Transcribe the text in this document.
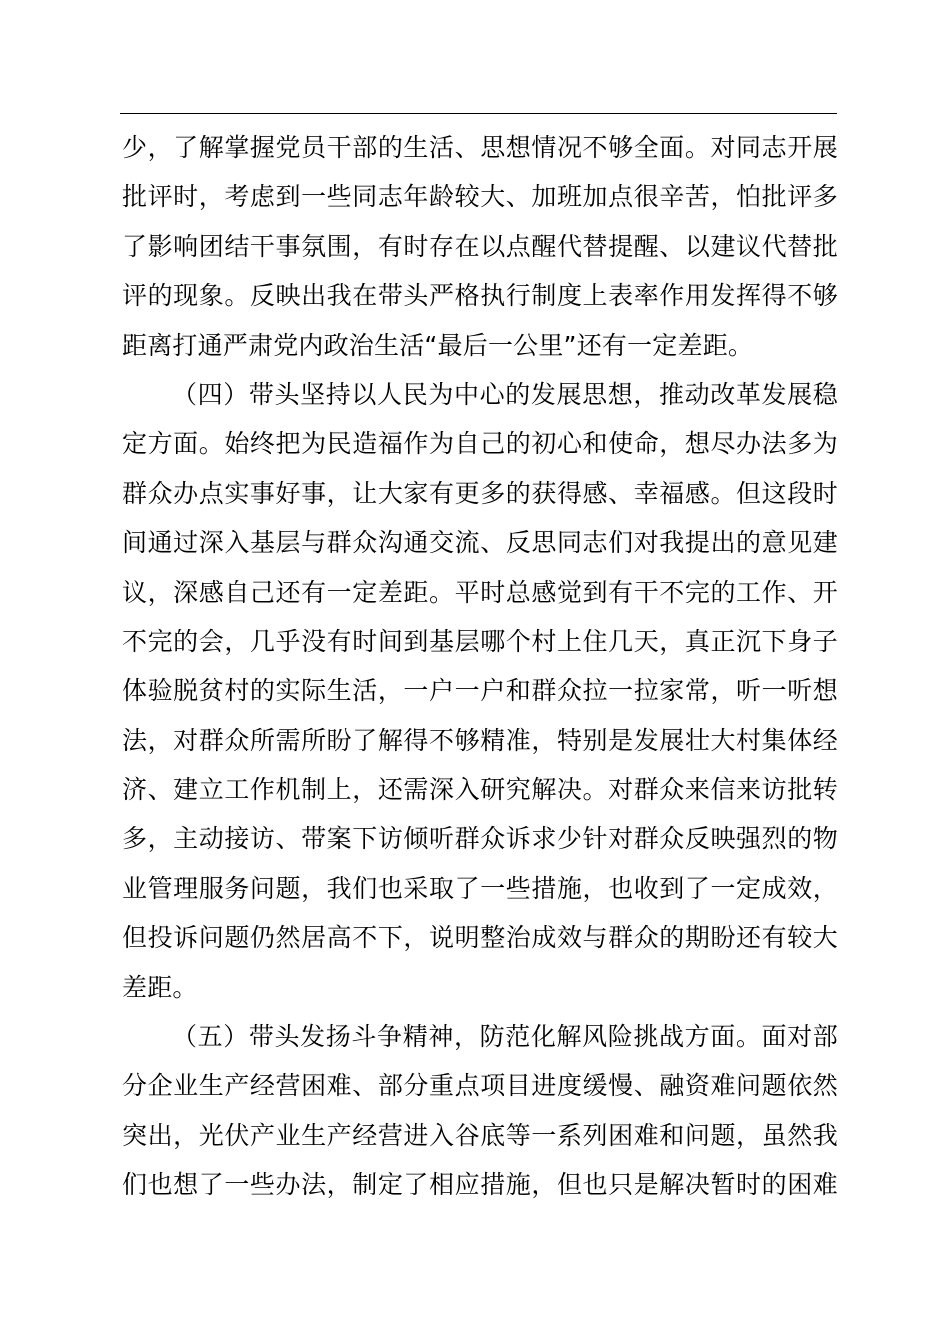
少，了解掌握党员干部的生活、思想情况不够全面。对同志开展
批评时，考虑到一些同志年龄较大、加班加点很辛苦，怕批评多
了影响团结干事氛围，有时存在以点醒代替提醒、以建议代替批
评的现象。反映出我在带头严格执行制度上表率作用发挥得不够
距离打通严肃党内政治生活“最后一公里”还有一定差距。
（四）带头坚持以人民为中心的发展思想，推动改革发展稳
定方面。始终把为民造福作为自己的初心和使命，想尽办法多为
群众办点实事好事，让大家有更多的获得感、幸福感。但这段时
间通过深入基层与群众沟通交流、反思同志们对我提出的意见建
议，深感自己还有一定差距。平时总感觉到有干不完的工作、开
不完的会，几乎没有时间到基层哪个村上住几天，真正沉下身子
体验脱贫村的实际生活，一户一户和群众拉一拉家常，听一听想
法，对群众所需所盼了解得不够精准，特别是发展壮大村集体经
济、建立工作机制上，还需深入研究解决。对群众来信来访批转
多，主动接访、带案下访倾听群众诉求少针对群众反映强烈的物
业管理服务问题，我们也采取了一些措施，也收到了一定成效，
但投诉问题仍然居高不下，说明整治成效与群众的期盼还有较大
差距。
（五）带头发扬斗争精神，防范化解风险挑战方面。面对部
分企业生产经营困难、部分重点项目进度缓慢、融资难问题依然
突出，光伏产业生产经营进入谷底等一系列困难和问题，虽然我
们也想了一些办法，制定了相应措施，但也只是解决暂时的困难
